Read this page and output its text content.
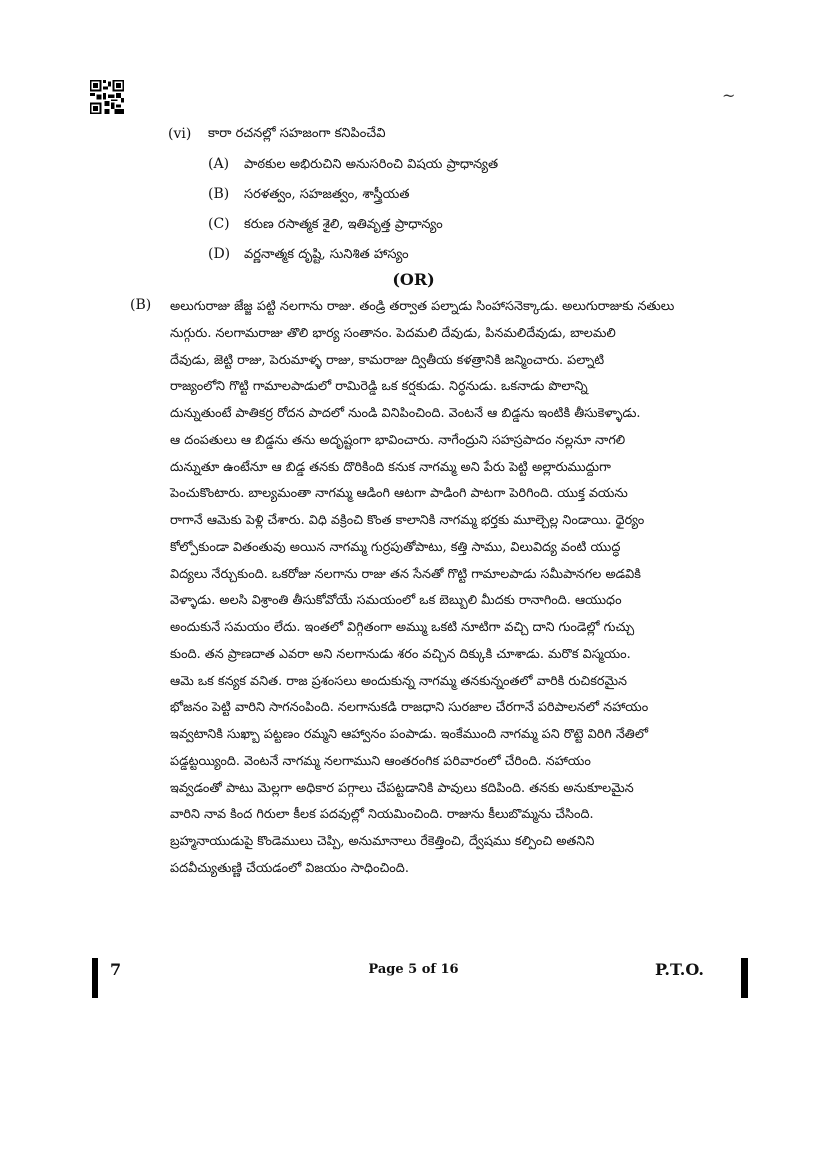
~
(vi) కారా రచనల్లో సహజంగా కనిపించేవి
(A) పాఠకుల అభిరుచిని అనుసరించి విషయ ప్రాధాన్యత
(B) సరళత్వం, సహజత్వం, శాస్త్రీయత
(C) కరుణ రసాత్మక శైలి, ఇతివృత్త ప్రాధాన్యం
(D) వర్ణనాత్మక దృష్టి, సునిశిత హాస్యం
(OR)
(B) అలుగురాజు జేజ్జ పట్టి నలగాను రాజు. తండ్రి తర్వాత పల్నాడు సింహాసనెక్కాడు. అలుగురాజుకు నతులు
నుగ్గురు. నలగామరాజు తొలి భార్య సంతానం. పెదమలి దేవుడు, పినమలిదేవుడు, బాలమలి
దేవుడు, జెట్టి రాజు, పెరుమాళ్ళ రాజు, కామరాజు ద్వితీయ కళత్రానికి జన్మించారు. పల్నాటి
రాజ్యంలోని గొట్టి గామాలపాడులో రామిరెడ్డి ఒక కర్షకుడు. నిర్ధనుడు. ఒకనాడు పొలాన్ని
దున్నుతుంటే పాతికర్ర రోదన పాదలో నుండి వినిపించింది. వెంటనే ఆ బిడ్డను ఇంటికి తీసుకెళ్ళాడు.
ఆ దంపతులు ఆ బిడ్డను తను అదృష్టంగా భావించారు. నాగేంద్రుని సహస్రపాదం నల్లనూ నాగలి
దున్నుతూ ఉంటేనూ ఆ బిడ్డ తనకు దొరికింది కనుక నాగమ్మ అని పేరు పెట్టి అల్లారుముద్దుగా
పెంచుకొంటారు. బాల్యమంతా నాగమ్మ ఆడింగి ఆటగా పాడింగి పాటగా పెరిగింది. యుక్త వయను
రాగానే ఆమెకు పెళ్లి చేశారు. విధి వక్రించి కొంత కాలానికి నాగమ్మ భర్తకు మూల్చెల్ల నిండాయి. ధైర్యం
కోల్పోకుండా వితంతువు అయిన నాగమ్మ గుర్రపుతోపాటు, కత్తి సాము, విలువిద్య వంటి యుద్ధ
విద్యలు నేర్చుకుంది. ఒకరోజు నలగాను రాజు తన సేనతో గొట్టి గామాలపాడు సమీపానగల అడవికి
వెళ్ళాడు. అలసి విశ్రాంతి తీసుకోవోయే సమయంలో ఒక బెబ్బులి మీదకు రానాగింది. ఆయుధం
అందుకునే సమయం లేదు. ఇంతలో విగ్గితంగా అమ్ము ఒకటి నూటిగా వచ్చి దాని గుండెల్లో గుచ్చు
కుంది. తన ప్రాణదాత ఎవరా అని నలగానుడు శరం వచ్చిన దిక్కుకి చూశాడు. మరొక విస్మయం.
ఆమె ఒక కన్యక వనిత. రాజ ప్రశంసలు అందుకున్న నాగమ్మ తనకున్నంతలో వారికి రుచికరమైన
భోజనం పెట్టి వారిని సాగనంపింది. నలగానుకడి రాజధాని సురజాల చేరగానే పరిపాలనలో నహాయం
ఇవ్వటానికి సుఖ్బా పట్టణం రమ్మని ఆహ్వానం పంపాడు. ఇంకేముంది నాగమ్మ పని రొట్టె విరిగి నేతిలో
పడ్డట్టయ్యింది. వెంటనే నాగమ్మ నలగాముని ఆంతరంగిక పరివారంలో చేరింది. నహాయం
ఇవ్వడంతో పాటు మెల్లగా అధికార పగ్గాలు చేపట్టడానికి పావులు కదిపింది. తనకు అనుకూలమైన
వారిని నావ కింద గిరులా కీలక పదవుల్లో నియమించింది. రాజును కీలుబొమ్మను చేసింది.
బ్రహ్మనాయుడుపై కొండెములు చెప్పి, అనుమానాలు రేకెత్తించి, ద్వేషము కల్పించి అతనిని
పదవీచ్యుతుణ్ణి చేయడంలో విజయం సాధించింది.
7	Page 5 of 16	P.T.O.
